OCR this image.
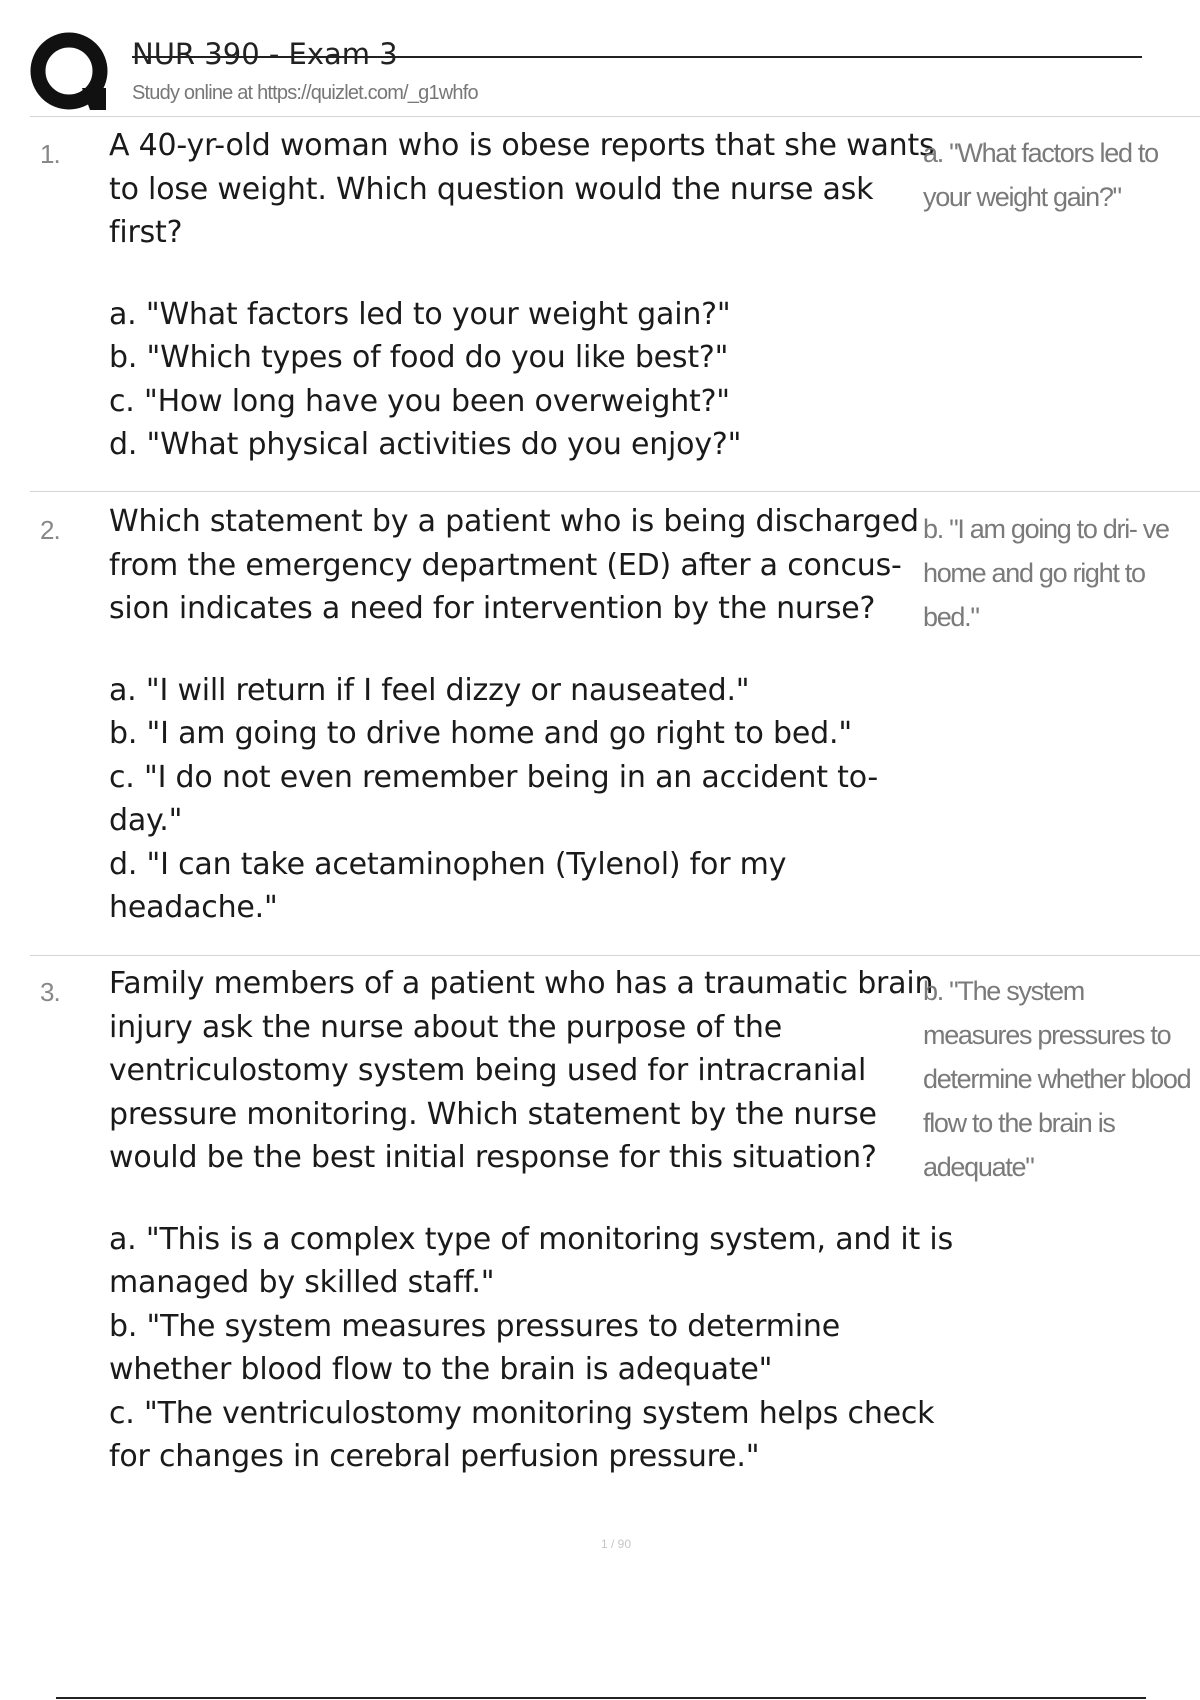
NUR 390 - Exam 3
Study online at https://quizlet.com/_g1whfo
1. A 40-yr-old woman who is obese reports that she wants to lose weight. Which question would the nurse ask first?
a. "What factors led to your weight gain?"
b. "Which types of food do you like best?"
c. "How long have you been overweight?"
d. "What physical activities do you enjoy?"
a. "What factors led to your weight gain?"
2. Which statement by a patient who is being discharged from the emergency department (ED) after a concus- sion indicates a need for intervention by the nurse?
a. "I will return if I feel dizzy or nauseated."
b. "I am going to drive home and go right to bed."
c. "I do not even remember being in an accident to- day."
d. "I can take acetaminophen (Tylenol) for my headache."
b. "I am going to dri- ve home and go right to bed."
3. Family members of a patient who has a traumatic brain injury ask the nurse about the purpose of the ventriculostomy system being used for intracranial pressure monitoring. Which statement by the nurse would be the best initial response for this situation?
a. "This is a complex type of monitoring system, and it is managed by skilled staff."
b. "The system measures pressures to determine whether blood flow to the brain is adequate"
c. "The ventriculostomy monitoring system helps check for changes in cerebral perfusion pressure."
b. "The system measures pressures to determine whether blood flow to the brain is adequate"
1 / 90
